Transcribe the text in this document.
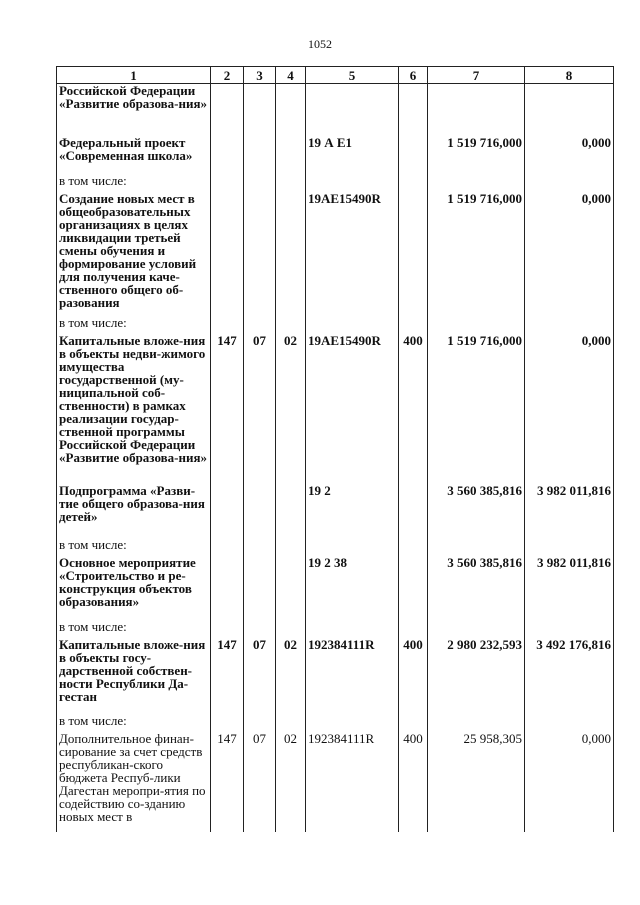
1052
1	2	3	4	5	6	7	8
Российской Федерации «Развитие образова-ния»							
Федеральный проект «Современная школа»				19 А Е1		1 519 716,000	0,000
в том числе:							
Создание новых мест в общеобразовательных организациях в целях ликвидации третьей смены обучения и формирование условий для получения каче-ственного общего об-разования				19AE15490R		1 519 716,000	0,000
в том числе:							
Капитальные вложе-ния в объекты недви-жимого имущества государственной (му-ниципальной соб-ственности) в рамках реализации государ-ственной программы Российской Федерации «Развитие образова-ния»	147	07	02	19AE15490R	400	1 519 716,000	0,000
Подпрограмма «Разви-тие общего образова-ния детей»				19 2		3 560 385,816	3 982 011,816
в том числе:							
Основное мероприятие «Строительство и ре-конструкция объектов образования»				19 2 38		3 560 385,816	3 982 011,816
в том числе:							
Капитальные вложе-ния в объекты госу-дарственной собствен-ности Республики Да-гестан	147	07	02	192384111R	400	2 980 232,593	3 492 176,816
в том числе:							
Дополнительное финан-сирование за счет средств республикан-ского бюджета Респуб-лики Дагестан меропри-ятия по содействию со-зданию новых мест в	147	07	02	192384111R	400	25 958,305	0,000
